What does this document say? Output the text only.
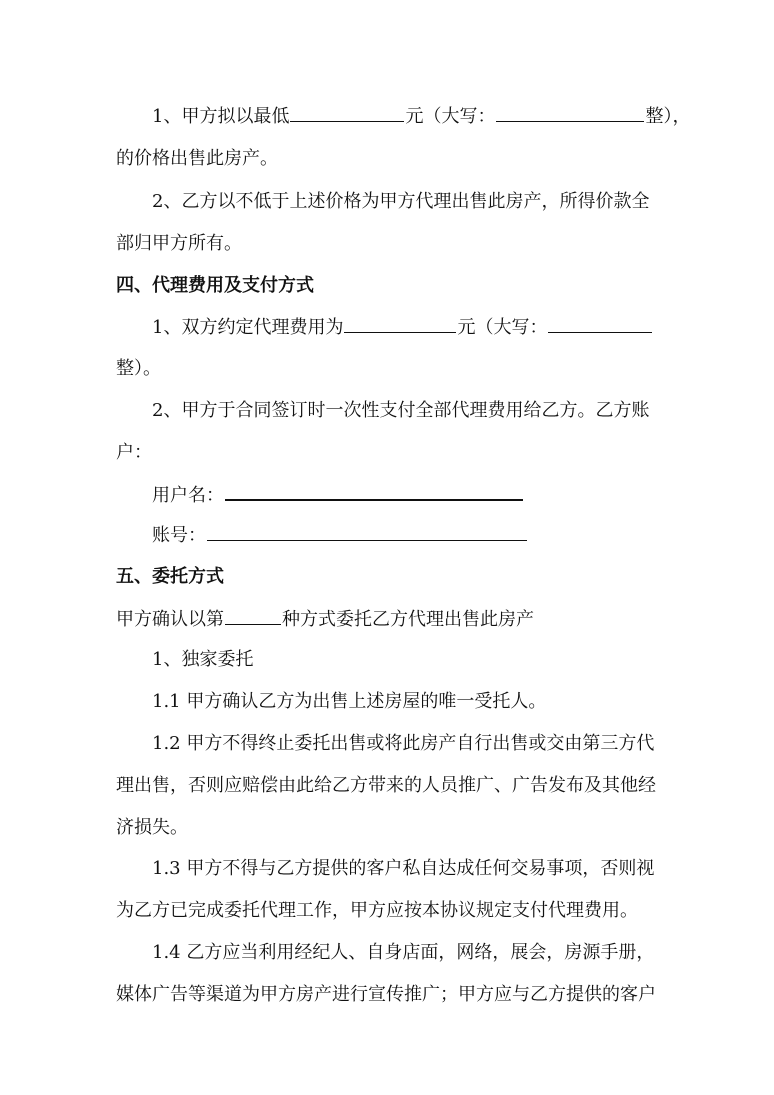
1、甲方拟以最低	元（大写：	整），
的价格出售此房产。
2、乙方以不低于上述价格为甲方代理出售此房产，所得价款全
部归甲方所有。
四、代理费用及支付方式
1、双方约定代理费用为	元（大写：
整）。
2、甲方于合同签订时一次性支付全部代理费用给乙方。乙方账
户：
用户名：
账号：
五、委托方式
甲方确认以第	种方式委托乙方代理出售此房产
1、独家委托
1.1 甲方确认乙方为出售上述房屋的唯一受托人。
1.2 甲方不得终止委托出售或将此房产自行出售或交由第三方代
理出售，否则应赔偿由此给乙方带来的人员推广、广告发布及其他经
济损失。
1.3 甲方不得与乙方提供的客户私自达成任何交易事项，否则视
为乙方已完成委托代理工作，甲方应按本协议规定支付代理费用。
1.4 乙方应当利用经纪人、自身店面，网络，展会，房源手册，
媒体广告等渠道为甲方房产进行宣传推广；甲方应与乙方提供的客户
